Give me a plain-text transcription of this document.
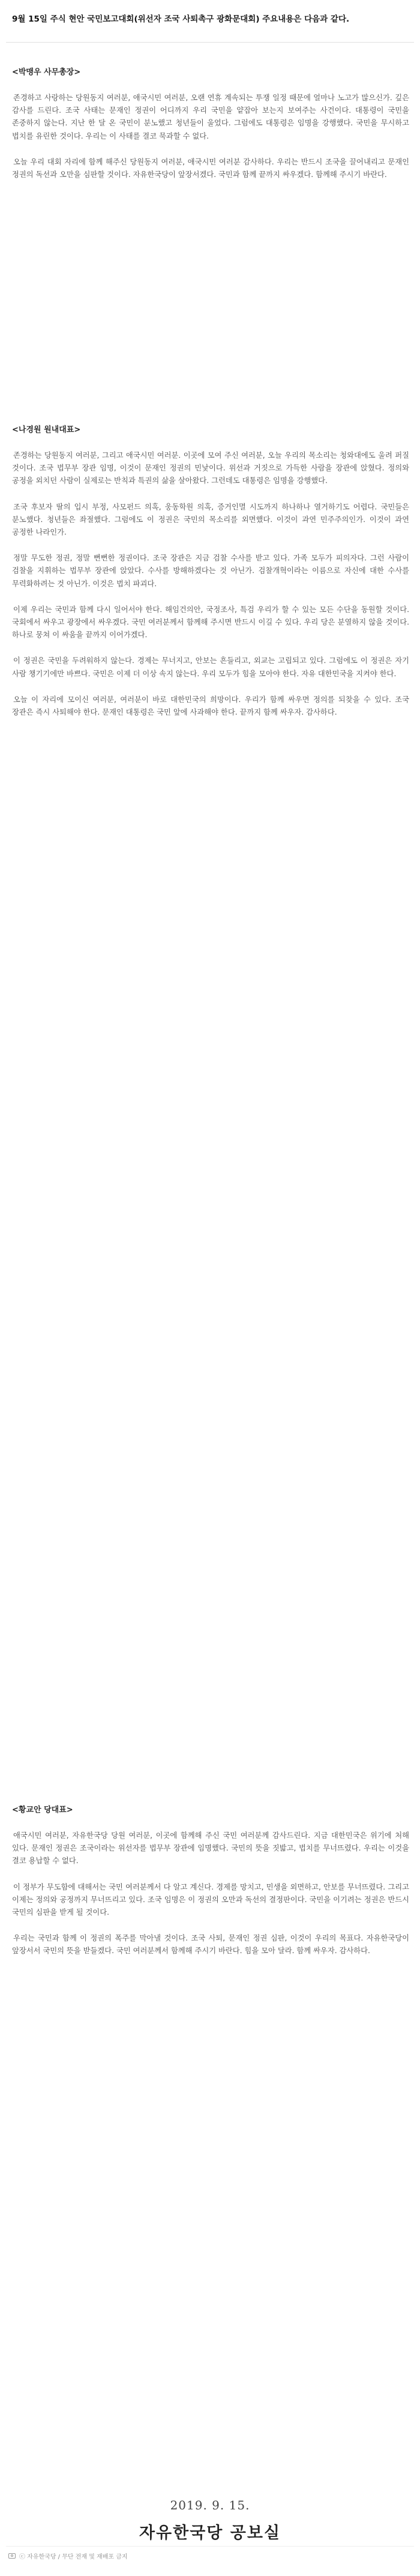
9월 15일 주식 현안 국민보고대회(위선자 조국 사퇴촉구 광화문대회) 주요내용은 다음과 같다.
<박맹우 사무총장>

존경하고 사랑하는 당원동지 여러분, 애국시민 여러분, 오랜 연휴 계속되는 투쟁 일정 때문에 얼마나 노고가 많으신가. 깊은 감사를 드린다. 조국 사태는 문재인 정권이 어디까지 우리 국민을 얕잡아 보는지 보여주는 사건이다. 대통령이 국민을 존중하지 않는다. 지난 한 달 온 국민이 분노했고 청년들이 울었다. 그럼에도 대통령은 임명을 강행했다. 국민을 무시하고 법치를 유린한 것이다. 우리는 이 사태를 결코 묵과할 수 없다.

오늘 우리 대회 자리에 함께 해주신 당원동지 여러분, 애국시민 여러분 감사하다. 우리는 반드시 조국을 끌어내리고 문재인 정권의 독선과 오만을 심판할 것이다. 자유한국당이 앞장서겠다. 국민과 함께 끝까지 싸우겠다. 함께해 주시기 바란다.

<나경원 원내대표>

존경하는 당원동지 여러분, 그리고 애국시민 여러분. 이곳에 모여 주신 여러분, 오늘 우리의 목소리는 청와대에도 울려 퍼질 것이다. 조국 법무부 장관 임명, 이것이 문재인 정권의 민낯이다. 위선과 거짓으로 가득한 사람을 장관에 앉혔다. 정의와 공정을 외치던 사람이 실제로는 반칙과 특권의 삶을 살아왔다. 그런데도 대통령은 임명을 강행했다.

조국 후보자 딸의 입시 부정, 사모펀드 의혹, 웅동학원 의혹, 증거인멸 시도까지 하나하나 열거하기도 어렵다. 국민들은 분노했다. 청년들은 좌절했다. 그럼에도 이 정권은 국민의 목소리를 외면했다. 이것이 과연 민주주의인가. 이것이 과연 공정한 나라인가.

정말 무도한 정권, 정말 뻔뻔한 정권이다. 조국 장관은 지금 검찰 수사를 받고 있다. 가족 모두가 피의자다. 그런 사람이 검찰을 지휘하는 법무부 장관에 앉았다. 수사를 방해하겠다는 것 아닌가. 검찰개혁이라는 이름으로 자신에 대한 수사를 무력화하려는 것 아닌가. 이것은 법치 파괴다.

이제 우리는 국민과 함께 다시 일어서야 한다. 해임건의안, 국정조사, 특검 우리가 할 수 있는 모든 수단을 동원할 것이다. 국회에서 싸우고 광장에서 싸우겠다. 국민 여러분께서 함께해 주시면 반드시 이길 수 있다. 우리 당은 분열하지 않을 것이다. 하나로 뭉쳐 이 싸움을 끝까지 이어가겠다.

이 정권은 국민을 두려워하지 않는다. 경제는 무너지고, 안보는 흔들리고, 외교는 고립되고 있다. 그럼에도 이 정권은 자기 사람 챙기기에만 바쁘다. 국민은 이제 더 이상 속지 않는다. 우리 모두가 힘을 모아야 한다. 자유 대한민국을 지켜야 한다.

오늘 이 자리에 모이신 여러분, 여러분이 바로 대한민국의 희망이다. 우리가 함께 싸우면 정의를 되찾을 수 있다. 조국 장관은 즉시 사퇴해야 한다. 문재인 대통령은 국민 앞에 사과해야 한다. 끝까지 함께 싸우자. 감사하다.

<황교안 당대표>

애국시민 여러분, 자유한국당 당원 여러분, 이곳에 함께해 주신 국민 여러분께 감사드린다. 지금 대한민국은 위기에 처해 있다. 문재인 정권은 조국이라는 위선자를 법무부 장관에 임명했다. 국민의 뜻을 짓밟고, 법치를 무너뜨렸다. 우리는 이것을 결코 용납할 수 없다.

이 정부가 무도함에 대해서는 국민 여러분께서 다 알고 계신다. 경제를 망치고, 민생을 외면하고, 안보를 무너뜨렸다. 그리고 이제는 정의와 공정까지 무너뜨리고 있다. 조국 임명은 이 정권의 오만과 독선의 결정판이다. 국민을 이기려는 정권은 반드시 국민의 심판을 받게 될 것이다.

우리는 국민과 함께 이 정권의 폭주를 막아낼 것이다. 조국 사퇴, 문재인 정권 심판, 이것이 우리의 목표다. 자유한국당이 앞장서서 국민의 뜻을 받들겠다. 국민 여러분께서 함께해 주시기 바란다. 힘을 모아 달라. 함께 싸우자. 감사하다.

2019. 9. 15.
자유한국당 공보실
ⓒ 자유한국당 / 무단 전재 및 재배포 금지
